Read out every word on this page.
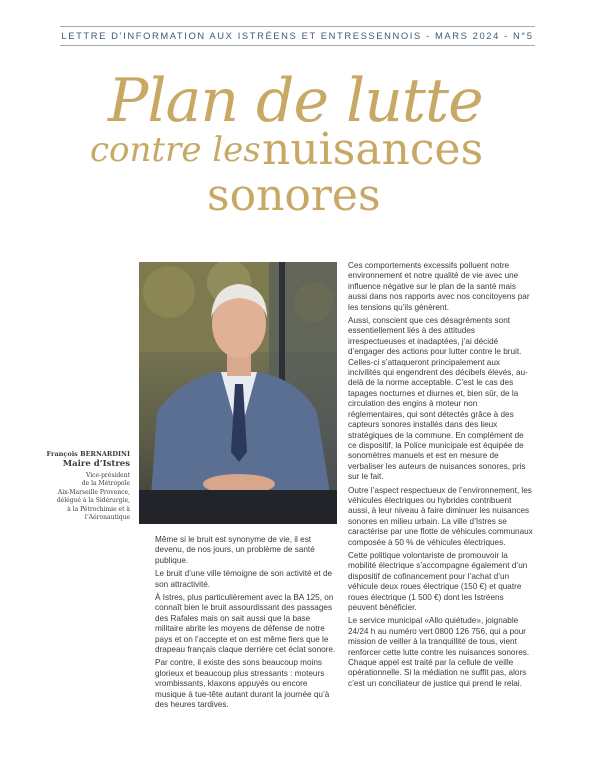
LETTRE D’INFORMATION AUX ISTRÉENS ET ENTRESSENNOIS - MARS 2024 - N°5
Plan de lutte
contre les nuisances
sonores
François BERNARDINI
Maire d’Istres
Vice-président
de la Métropole
Aix-Marseille Provence,
délégué à la Sidérurgie,
à la Pétrochimie et à
l’Aéronautique

Même si le bruit est synonyme de vie, il est devenu, de nos jours, un problème de santé publique.

Le bruit d’une ville témoigne de son activité et de son attractivité.

À Istres, plus particulièrement avec la BA 125, on connaît bien le bruit assourdissant des passages des Rafales mais on sait aussi que la base militaire abrite les moyens de défense de notre pays et on l’accepte et on est même fiers que le drapeau français claque derrière cet éclat sonore.

Par contre, il existe des sons beaucoup moins glorieux et beaucoup plus stressants : moteurs vrombissants, klaxons appuyés ou encore musique à tue-tête autant durant la journée qu’à des heures tardives.

Ces comportements excessifs polluent notre environnement et notre qualité de vie avec une influence négative sur le plan de la santé mais aussi dans nos rapports avec nos concitoyens par les tensions qu’ils génèrent.

Aussi, conscient que ces désagréments sont essentiellement liés à des attitudes irrespectueuses et inadaptées, j’ai décidé d’engager des actions pour lutter contre le bruit. Celles-ci s’attaqueront principalement aux incivilités qui engendrent des décibels élevés, au-delà de la norme acceptable. C’est le cas des tapages nocturnes et diurnes et, bien sûr, de la circulation des engins à moteur non réglementaires, qui sont détectés grâce à des capteurs sonores installés dans des lieux stratégiques de la commune. En complément de ce dispositif, la Police municipale est équipée de sonomètres manuels et est en mesure de verbaliser les auteurs de nuisances sonores, pris sur le fait.

Outre l’aspect respectueux de l’environnement, les véhicules électriques ou hybrides contribuent aussi, à leur niveau à faire diminuer les nuisances sonores en milieu urbain. La ville d’Istres se caractérise par une flotte de véhicules communaux composée à 50 % de véhicules électriques.

Cette politique volontariste de promouvoir la mobilité électrique s’accompagne également d’un dispositif de cofinancement pour l’achat d’un véhicule deux roues électrique (150 €) et quatre roues électrique (1 500 €) dont les Istréens peuvent bénéficier.

Le service municipal «Allo quiétude», joignable 24/24 h au numéro vert 0800 126 756, qui a pour mission de veiller à la tranquillité de tous, vient renforcer cette lutte contre les nuisances sonores. Chaque appel est traité par la cellule de veille opérationnelle. Si la médiation ne suffit pas, alors c’est un conciliateur de justice qui prend le relai.
